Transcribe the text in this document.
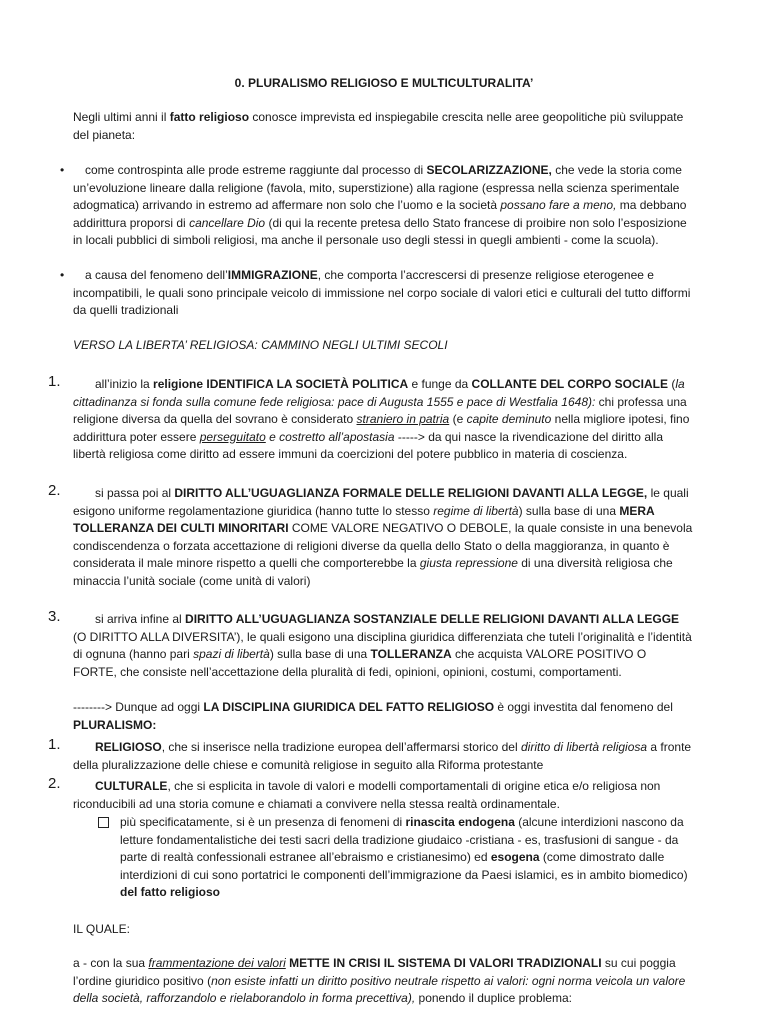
0. PLURALISMO RELIGIOSO E MULTICULTURALITA’

Negli ultimi anni il fatto religioso conosce imprevista ed inspiegabile crescita nelle aree geopolitiche più sviluppate del pianeta:

•	come controspinta alle prode estreme raggiunte dal processo di SECOLARIZZAZIONE, che vede la storia come un’evoluzione lineare dalla religione (favola, mito, superstizione) alla ragione (espressa nella scienza sperimentale adogmatica) arrivando in estremo ad affermare non solo che l’uomo e la società possano fare a meno, ma debbano addirittura proporsi di cancellare Dio (di qui la recente pretesa dello Stato francese di proibire non solo l’esposizione in locali pubblici di simboli religiosi, ma anche il personale uso degli stessi in quegli ambienti - come la scuola).

•	a causa del fenomeno dell’IMMIGRAZIONE, che comporta l’accrescersi di presenze religiose eterogenee e incompatibili, le quali sono principale veicolo di immissione nel corpo sociale di valori etici e culturali del tutto difformi da quelli tradizionali

VERSO LA LIBERTA’ RELIGIOSA: CAMMINO NEGLI ULTIMI SECOLI

1.	all’inizio la religione IDENTIFICA LA SOCIETÀ POLITICA e funge da COLLANTE DEL CORPO SOCIALE (la cittadinanza si fonda sulla comune fede religiosa: pace di Augusta 1555 e pace di Westfalia 1648): chi professa una religione diversa da quella del sovrano è considerato straniero in patria (e capite deminuto nella migliore ipotesi, fino addirittura poter essere perseguitato e costretto all’apostasia -----> da qui nasce la rivendicazione del diritto alla libertà religiosa come diritto ad essere immuni da coercizioni del potere pubblico in materia di coscienza.

2.	si passa poi al DIRITTO ALL’UGUAGLIANZA FORMALE DELLE RELIGIONI DAVANTI ALLA LEGGE, le quali esigono uniforme regolamentazione giuridica (hanno tutte lo stesso regime di libertà) sulla base di una MERA TOLLERANZA DEI CULTI MINORITARI COME VALORE NEGATIVO O DEBOLE, la quale consiste in una benevola condiscendenza o forzata accettazione di religioni diverse da quella dello Stato o della maggioranza, in quanto è considerata il male minore rispetto a quelli che comporterebbe la giusta repressione di una diversità religiosa che minaccia l’unità sociale (come unità di valori)

3.	si arriva infine al DIRITTO ALL’UGUAGLIANZA SOSTANZIALE DELLE RELIGIONI DAVANTI ALLA LEGGE (O DIRITTO ALLA DIVERSITA’), le quali esigono una disciplina giuridica differenziata che tuteli l’originalità e l’identità di ognuna (hanno pari spazi di libertà) sulla base di una TOLLERANZA che acquista VALORE POSITIVO O FORTE, che consiste nell’accettazione della pluralità di fedi, opinioni, opinioni, costumi, comportamenti.

--------> Dunque ad oggi LA DISCIPLINA GIURIDICA DEL FATTO RELIGIOSO è oggi investita dal fenomeno del PLURALISMO:

1.	RELIGIOSO, che si inserisce nella tradizione europea dell’affermarsi storico del diritto di libertà religiosa a fronte della pluralizzazione delle chiese e comunità religiose in seguito alla Riforma protestante

2.	CULTURALE, che si esplicita in tavole di valori e modelli comportamentali di origine etica e/o religiosa non riconducibili ad una storia comune e chiamati a convivere nella stessa realtà ordinamentale.

più specificatamente, si è un presenza di fenomeni di rinascita endogena (alcune interdizioni nascono da letture fondamentalistiche dei testi sacri della tradizione giudaico -cristiana - es, trasfusioni di sangue - da parte di realtà confessionali estranee all’ebraismo e cristianesimo) ed esogena (come dimostrato dalle interdizioni di cui sono portatrici le componenti dell’immigrazione da Paesi islamici, es in ambito biomedico) del fatto religioso

IL QUALE:

a - con la sua frammentazione dei valori METTE IN CRISI IL SISTEMA DI VALORI TRADIZIONALI su cui poggia l’ordine giuridico positivo (non esiste infatti un diritto positivo neutrale rispetto ai valori: ogni norma veicola un valore della società, rafforzandolo e rielaborandolo in forma precettiva), ponendo il duplice problema:
